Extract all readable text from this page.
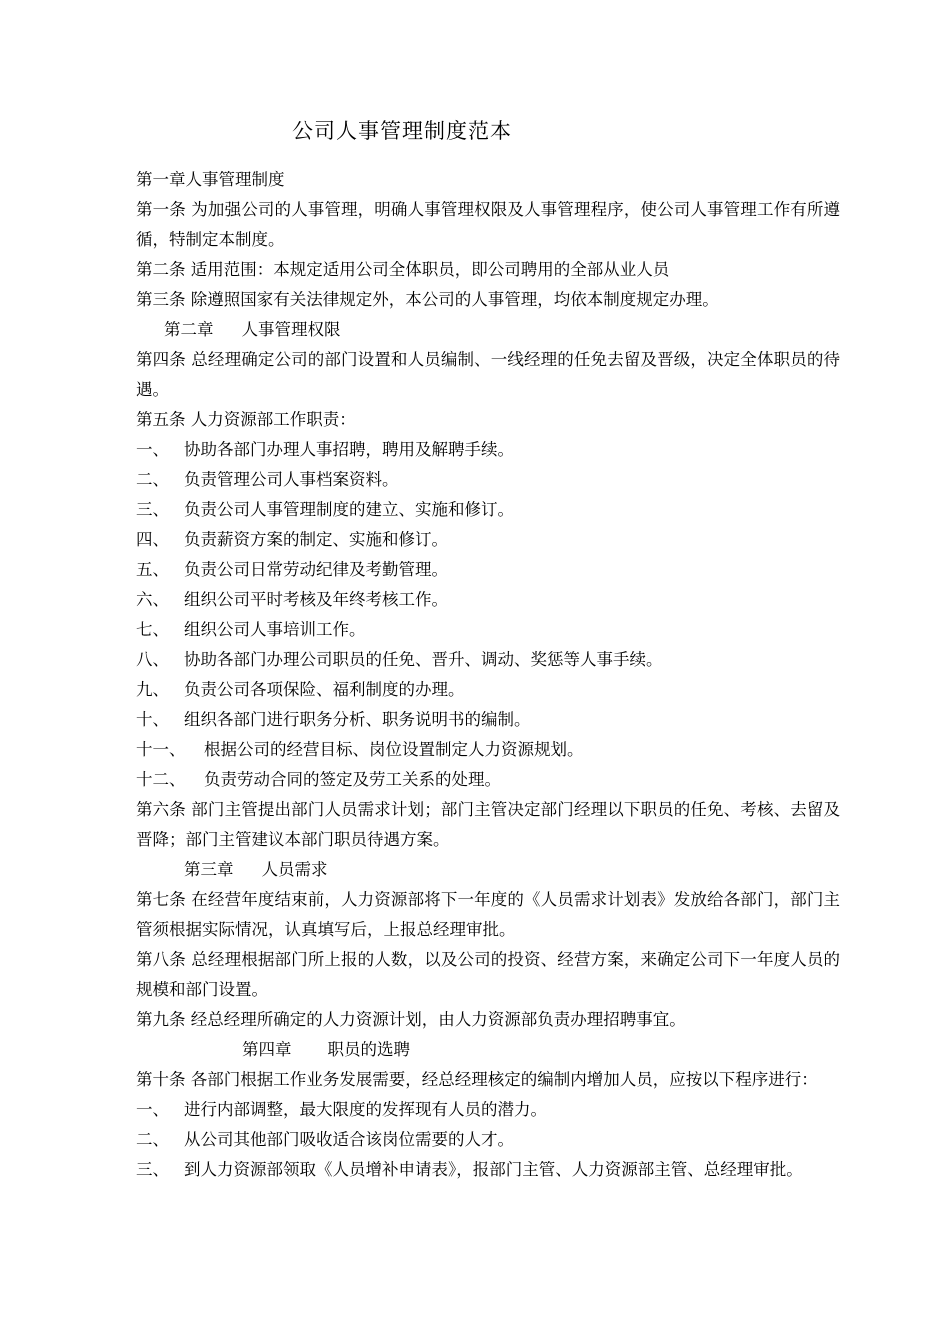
公司人事管理制度范本
第一章人事管理制度
第一条 为加强公司的人事管理，明确人事管理权限及人事管理程序，使公司人事管理工作有所遵循，特制定本制度。
第二条 适用范围：本规定适用公司全体职员，即公司聘用的全部从业人员
第三条 除遵照国家有关法律规定外，本公司的人事管理，均依本制度规定办理。
第二章 人事管理权限
第四条 总经理确定公司的部门设置和人员编制、一线经理的任免去留及晋级，决定全体职员的待遇。
第五条 人力资源部工作职责：
一、 协助各部门办理人事招聘，聘用及解聘手续。
二、 负责管理公司人事档案资料。
三、 负责公司人事管理制度的建立、实施和修订。
四、 负责薪资方案的制定、实施和修订。
五、 负责公司日常劳动纪律及考勤管理。
六、 组织公司平时考核及年终考核工作。
七、 组织公司人事培训工作。
八、 协助各部门办理公司职员的任免、晋升、调动、奖惩等人事手续。
九、 负责公司各项保险、福利制度的办理。
十、 组织各部门进行职务分析、职务说明书的编制。
十一、	根据公司的经营目标、岗位设置制定人力资源规划。
十二、	负责劳动合同的签定及劳工关系的处理。
第六条 部门主管提出部门人员需求计划；部门主管决定部门经理以下职员的任免、考核、去留及晋降；部门主管建议本部门职员待遇方案。
第三章 人员需求
第七条 在经营年度结束前，人力资源部将下一年度的《人员需求计划表》发放给各部门，部门主管须根据实际情况，认真填写后，上报总经理审批。
第八条 总经理根据部门所上报的人数，以及公司的投资、经营方案，来确定公司下一年度人员的规模和部门设置。
第九条 经总经理所确定的人力资源计划，由人力资源部负责办理招聘事宜。
第四章 职员的选聘
第十条 各部门根据工作业务发展需要，经总经理核定的编制内增加人员，应按以下程序进行：
一、 进行内部调整，最大限度的发挥现有人员的潜力。
二、 从公司其他部门吸收适合该岗位需要的人才。
三、 到人力资源部领取《人员增补申请表》，报部门主管、人力资源部主管、总经理审批。
